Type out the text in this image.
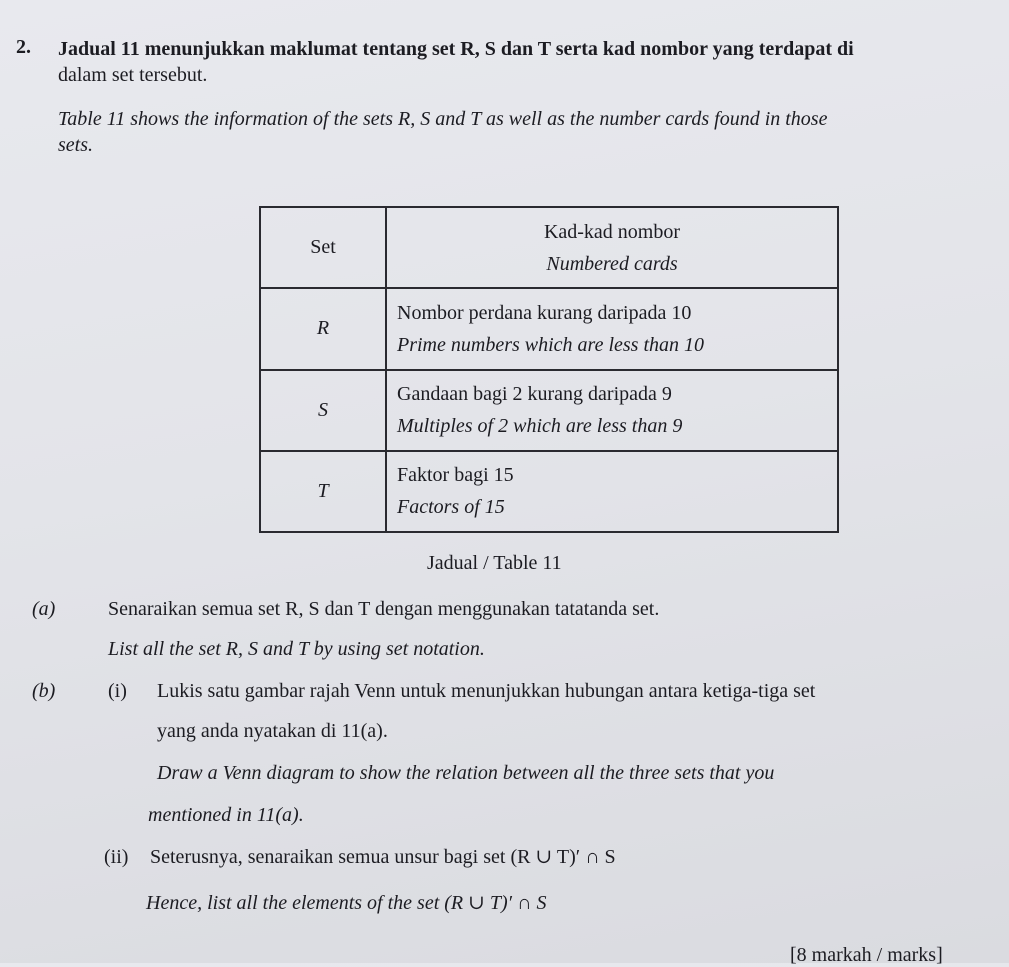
2. Jadual 11 menunjukkan maklumat tentang set R, S dan T serta kad nombor yang terdapat di
dalam set tersebut.
Table 11 shows the information of the sets R, S and T as well as the number cards found in those
sets.
Set	Kad-kad nombor
Numbered cards

R	Nombor perdana kurang daripada 10
Prime numbers which are less than 10

S	Gandaan bagi 2 kurang daripada 9
Multiples of 2 which are less than 9

T	Faktor bagi 15
Factors of 15
Jadual / Table 11
(a)	Senaraikan semua set R, S dan T dengan menggunakan tatatanda set.
List all the set R, S and T by using set notation.
(b)	(i) Lukis satu gambar rajah Venn untuk menunjukkan hubungan antara ketiga-tiga set
yang anda nyatakan di 11(a).
Draw a Venn diagram to show the relation between all the three sets that you
mentioned in 11(a).
(ii) Seterusnya, senaraikan semua unsur bagi set (R ∪ T)′ ∩ S
Hence, list all the elements of the set (R ∪ T)′ ∩ S
[8 markah / marks]
